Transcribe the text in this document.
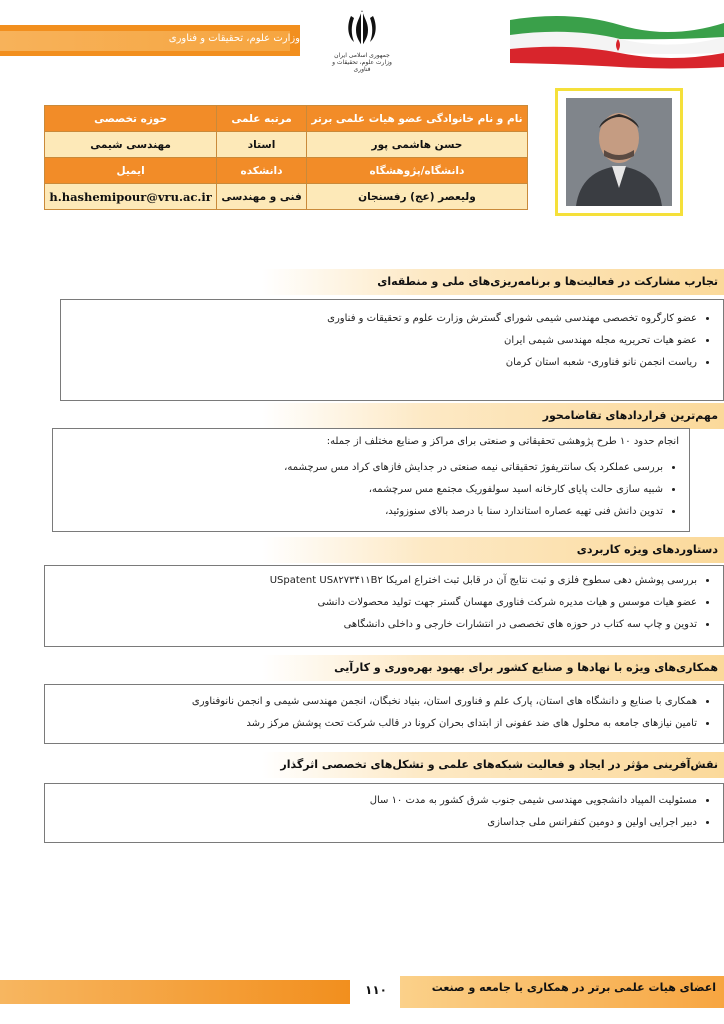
وزارت علوم، تحقیقات و فناوری
جمهوری اسلامی ایران
وزارت علوم، تحقیقات و فناوری
نام و نام خانوادگی عضو هیات علمی برتر	مرتبه علمی	حوزه تخصصی
حسن هاشمی پور	استاد	مهندسی شیمی
دانشگاه/پژوهشگاه	دانشکده	ایمیل
ولیعصر (عج) رفسنجان	فنی و مهندسی	h.hashemipour@vru.ac.ir
تجارب مشارکت در فعالیت‌ها و برنامه‌ریزی‌های ملی و منطقه‌ای
• عضو کارگروه تخصصی مهندسی شیمی شورای گسترش وزارت علوم و تحقیقات و فناوری
• عضو هیات تحریریه مجله مهندسی شیمی ایران
• ریاست انجمن نانو فناوری- شعبه استان کرمان
مهم‌ترین قراردادهای تقاضامحور

انجام حدود ۱۰ طرح پژوهشی تحقیقاتی و صنعتی برای مراکز و صنایع مختلف از جمله:

• بررسی عملکرد یک سانتریفوژ تحقیقاتی نیمه صنعتی در جدایش فازهای کراد مس سرچشمه،
• شبیه سازی حالت پایای کارخانه اسید سولفوریک مجتمع مس سرچشمه،
• تدوین دانش فنی تهیه عصاره استاندارد سنا با درصد بالای سنوزوئید،
دستاوردهای ویژه کاربردی
• بررسی پوشش دهی سطوح فلزی و ثبت نتایج آن در قابل ثبت اختراع امریکا USpatent US۸۲۷۳۴۱۱B۲
• عضو هیات موسس و هیات مدیره شرکت فناوری مهسان گستر جهت تولید محصولات دانشی
• تدوین و چاپ سه کتاب در حوزه های تخصصی در انتشارات خارجی و داخلی دانشگاهی
همکاری‌های ویژه با نهادها و صنایع کشور برای بهبود بهره‌وری و کارآیی
• همکاری با صنایع و دانشگاه های استان، پارک علم و فناوری استان، بنیاد نخبگان، انجمن مهندسی شیمی و انجمن نانوفناوری
• تامین نیازهای جامعه به محلول های ضد عفونی از ابتدای بحران کرونا در قالب شرکت تحت پوشش مرکز رشد
نقش‌آفرینی مؤثر در ایجاد و فعالیت شبکه‌های علمی و تشکل‌های تخصصی اثرگذار
• مسئولیت المپیاد دانشجویی مهندسی شیمی جنوب شرق کشور به مدت ۱۰ سال
• دبیر اجرایی اولین و دومین کنفرانس ملی جداسازی
۱۱۰	اعضای هیات علمی برتر در همکاری با جامعه و صنعت
